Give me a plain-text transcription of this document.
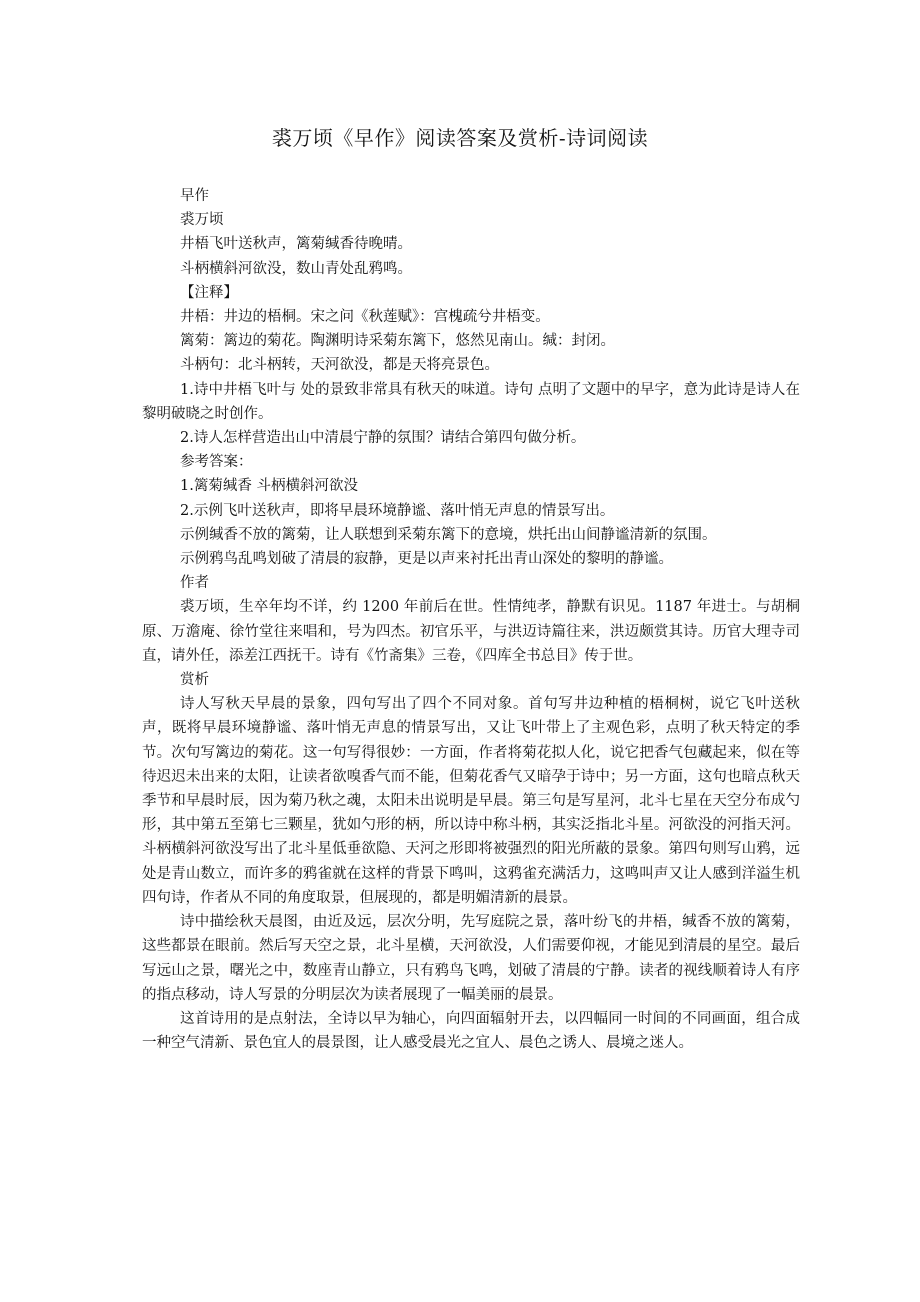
裘万顷《早作》阅读答案及赏析-诗词阅读

早作

裘万顷

井梧飞叶送秋声，篱菊缄香待晚晴。

斗柄横斜河欲没，数山青处乱鸦鸣。

【注释】

井梧：井边的梧桐。宋之问《秋莲赋》：宫槐疏兮井梧变。

篱菊：篱边的菊花。陶渊明诗采菊东篱下，悠然见南山。缄：封闭。

斗柄句：北斗柄转，天河欲没，都是天将亮景色。

1.诗中井梧飞叶与 处的景致非常具有秋天的味道。诗句 点明了文题中的早字，意为此诗是诗人在黎明破晓之时创作。

2.诗人怎样营造出山中清晨宁静的氛围？请结合第四句做分析。

参考答案：

1.篱菊缄香 斗柄横斜河欲没

2.示例飞叶送秋声，即将早晨环境静谧、落叶悄无声息的情景写出。

示例缄香不放的篱菊，让人联想到采菊东篱下的意境，烘托出山间静谧清新的氛围。

示例鸦鸟乱鸣划破了清晨的寂静，更是以声来衬托出青山深处的黎明的静谧。

作者

裘万顷，生卒年均不详，约 1200 年前后在世。性情纯孝，静默有识见。1187 年进士。与胡桐原、万澹庵、徐竹堂往来唱和，号为四杰。初官乐平，与洪迈诗篇往来，洪迈颇赏其诗。历官大理寺司直，请外任，添差江西抚干。诗有《竹斋集》三卷，《四库全书总目》传于世。

赏析

诗人写秋天早晨的景象，四句写出了四个不同对象。首句写井边种植的梧桐树，说它飞叶送秋声，既将早晨环境静谧、落叶悄无声息的情景写出，又让飞叶带上了主观色彩，点明了秋天特定的季节。次句写篱边的菊花。这一句写得很妙：一方面，作者将菊花拟人化，说它把香气包藏起来，似在等待迟迟未出来的太阳，让读者欲嗅香气而不能，但菊花香气又暗孕于诗中；另一方面，这句也暗点秋天季节和早晨时辰，因为菊乃秋之魂，太阳未出说明是早晨。第三句是写星河，北斗七星在天空分布成勺形，其中第五至第七三颗星，犹如勺形的柄，所以诗中称斗柄，其实泛指北斗星。河欲没的河指天河。斗柄横斜河欲没写出了北斗星低垂欲隐、天河之形即将被强烈的阳光所蔽的景象。第四句则写山鸦，远处是青山数立，而许多的鸦雀就在这样的背景下鸣叫，这鸦雀充满活力，这鸣叫声又让人感到洋溢生机四句诗，作者从不同的角度取景，但展现的，都是明媚清新的晨景。

诗中描绘秋天晨图，由近及远，层次分明，先写庭院之景，落叶纷飞的井梧，缄香不放的篱菊，这些都景在眼前。然后写天空之景，北斗星横，天河欲没，人们需要仰视，才能见到清晨的星空。最后写远山之景，曙光之中，数座青山静立，只有鸦鸟飞鸣，划破了清晨的宁静。读者的视线顺着诗人有序的指点移动，诗人写景的分明层次为读者展现了一幅美丽的晨景。

这首诗用的是点射法，全诗以早为轴心，向四面辐射开去，以四幅同一时间的不同画面，组合成一种空气清新、景色宜人的晨景图，让人感受晨光之宜人、晨色之诱人、晨境之迷人。
